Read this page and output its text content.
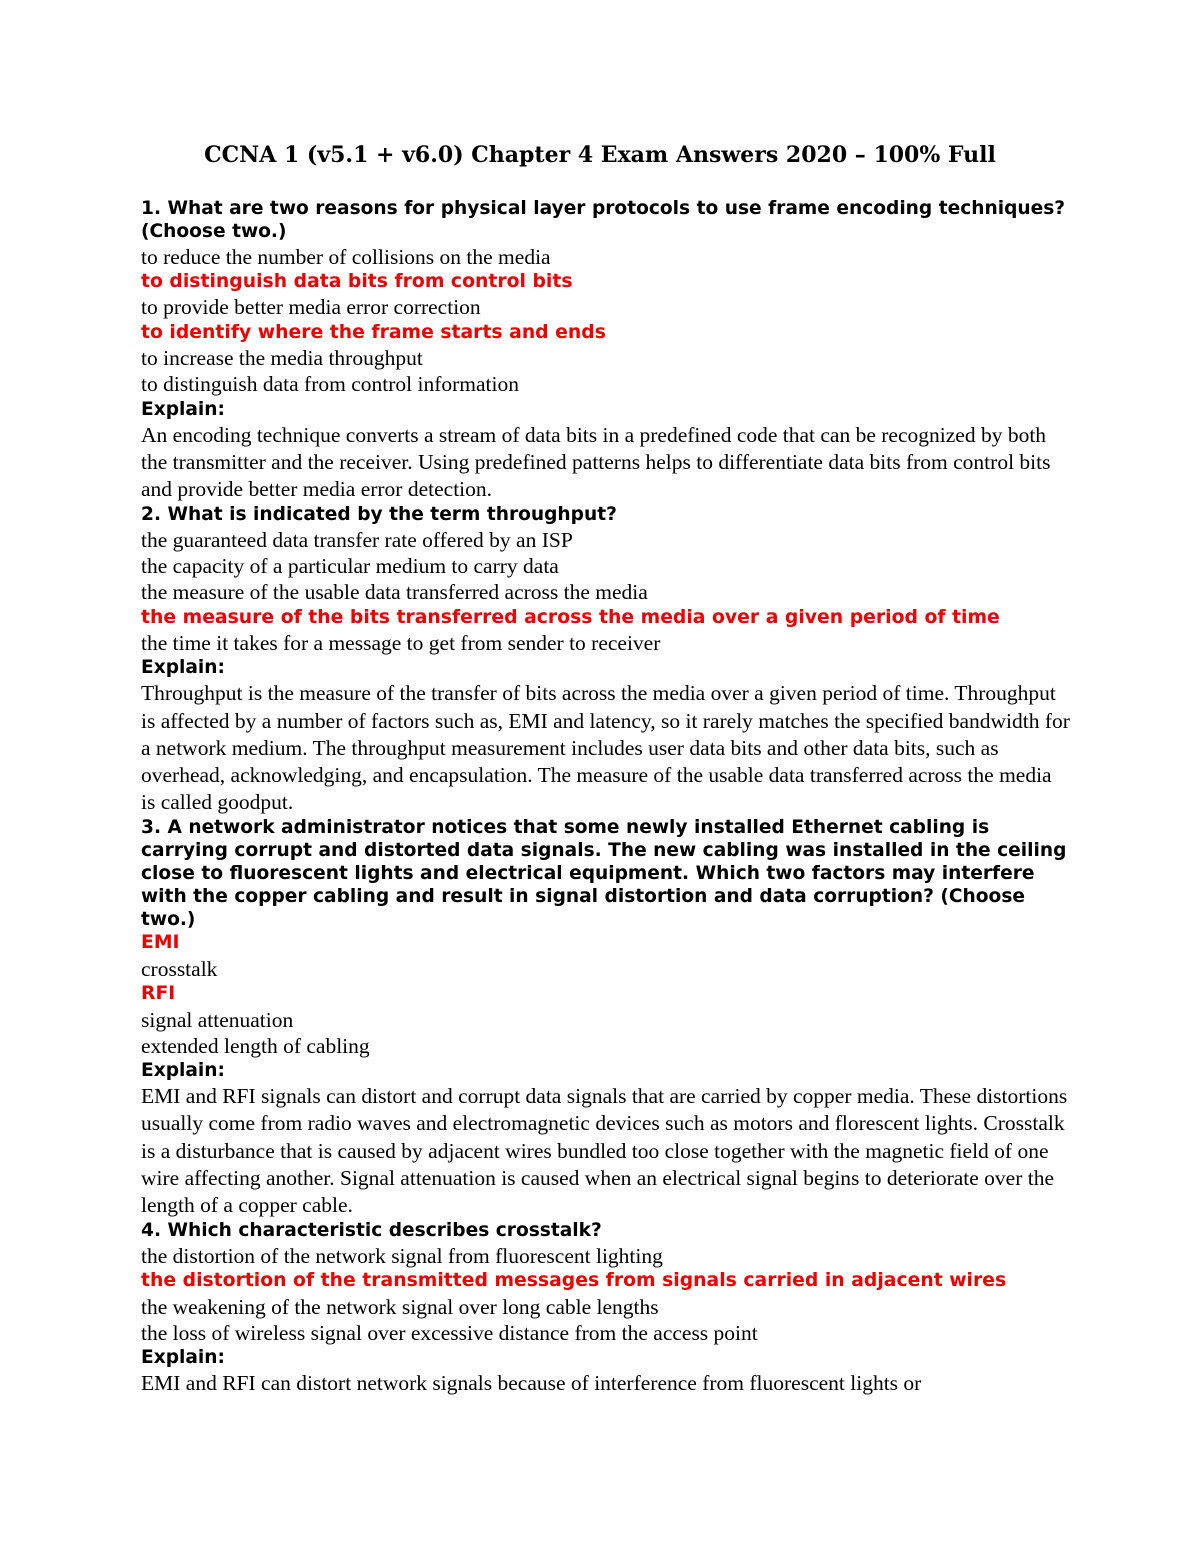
CCNA 1 (v5.1 + v6.0) Chapter 4 Exam Answers 2020 – 100% Full

1. What are two reasons for physical layer protocols to use frame encoding techniques? (Choose two.)

to reduce the number of collisions on the media

to distinguish data bits from control bits

to provide better media error correction

to identify where the frame starts and ends

to increase the media throughput

to distinguish data from control information

Explain:

An encoding technique converts a stream of data bits in a predefined code that can be recognized by both the transmitter and the receiver. Using predefined patterns helps to differentiate data bits from control bits and provide better media error detection.

2. What is indicated by the term throughput?

the guaranteed data transfer rate offered by an ISP

the capacity of a particular medium to carry data

the measure of the usable data transferred across the media

the measure of the bits transferred across the media over a given period of time

the time it takes for a message to get from sender to receiver

Explain:

Throughput is the measure of the transfer of bits across the media over a given period of time. Throughput is affected by a number of factors such as, EMI and latency, so it rarely matches the specified bandwidth for a network medium. The throughput measurement includes user data bits and other data bits, such as overhead, acknowledging, and encapsulation. The measure of the usable data transferred across the media is called goodput.

3. A network administrator notices that some newly installed Ethernet cabling is carrying corrupt and distorted data signals. The new cabling was installed in the ceiling close to fluorescent lights and electrical equipment. Which two factors may interfere with the copper cabling and result in signal distortion and data corruption? (Choose two.)

EMI

crosstalk

RFI

signal attenuation

extended length of cabling

Explain:

EMI and RFI signals can distort and corrupt data signals that are carried by copper media. These distortions usually come from radio waves and electromagnetic devices such as motors and florescent lights. Crosstalk is a disturbance that is caused by adjacent wires bundled too close together with the magnetic field of one wire affecting another. Signal attenuation is caused when an electrical signal begins to deteriorate over the length of a copper cable.

4. Which characteristic describes crosstalk?

the distortion of the network signal from fluorescent lighting

the distortion of the transmitted messages from signals carried in adjacent wires

the weakening of the network signal over long cable lengths

the loss of wireless signal over excessive distance from the access point

Explain:

EMI and RFI can distort network signals because of interference from fluorescent lights or
